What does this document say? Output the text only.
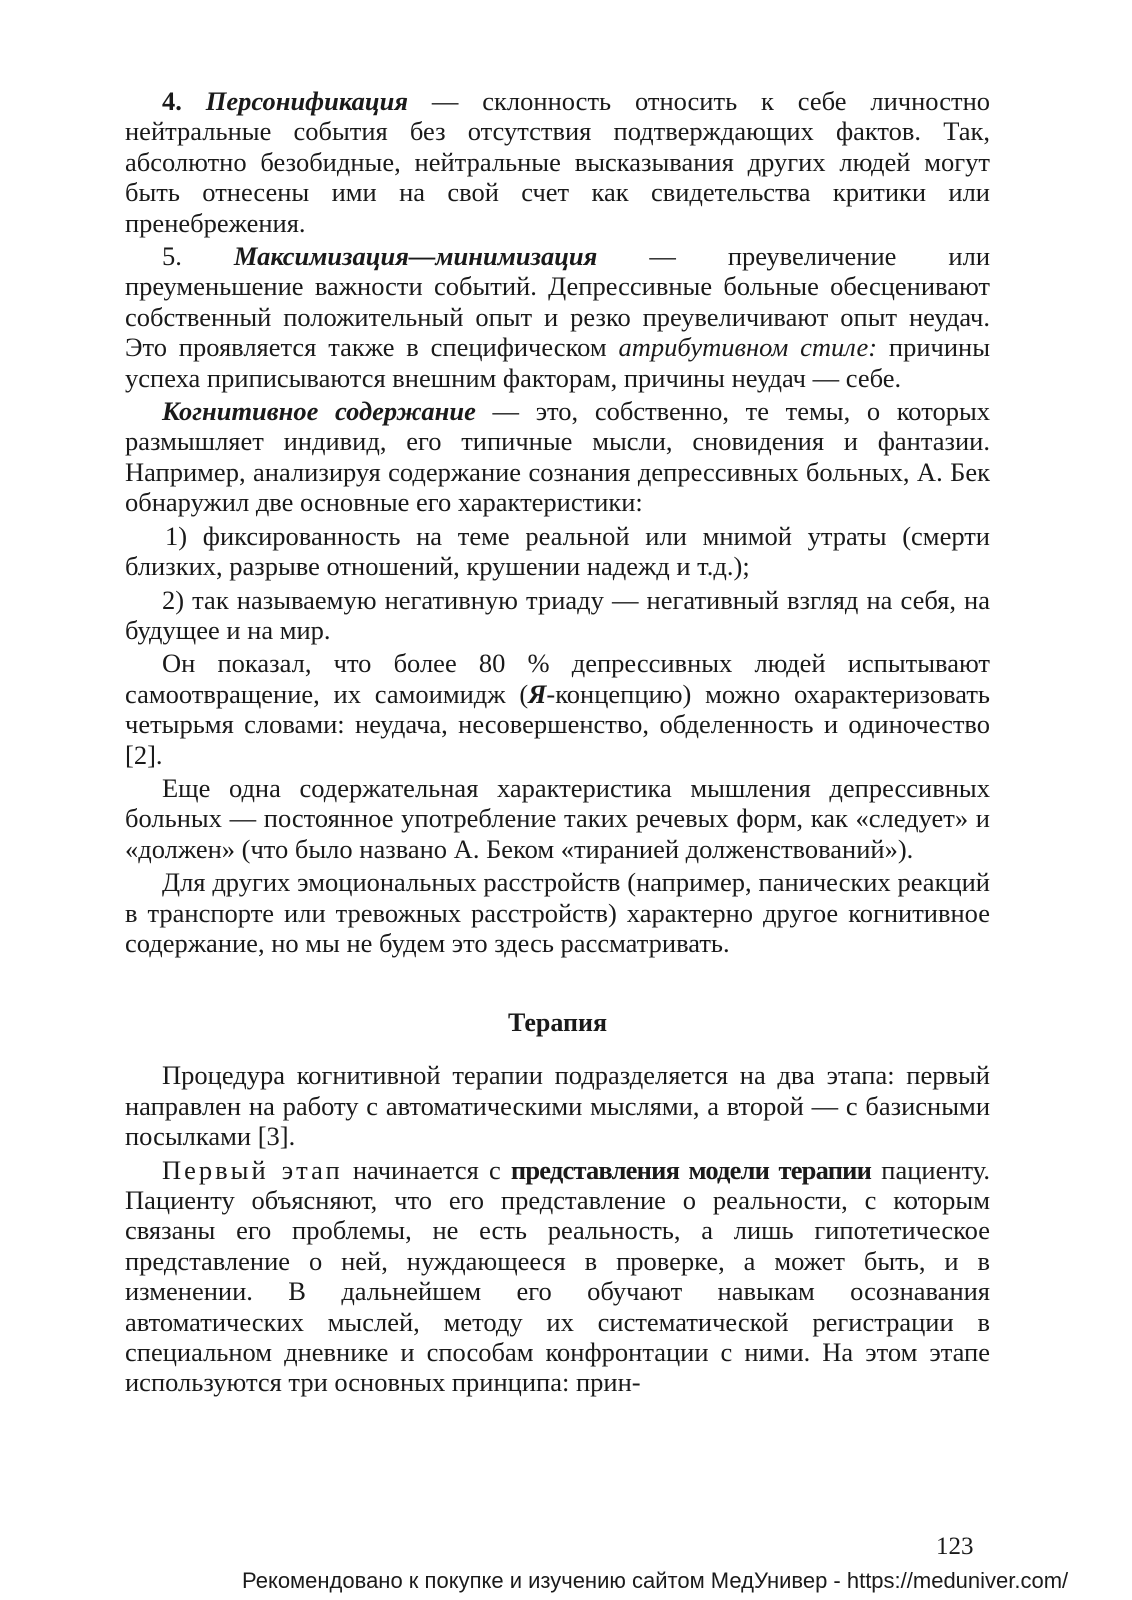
4. Персонификация — склонность относить к себе личностно нейтральные события без отсутствия подтверждающих фактов. Так, абсолютно безобидные, нейтральные высказывания других людей могут быть отнесены ими на свой счет как свидетельства критики или пренебрежения.

5. Максимизация—минимизация — преувеличение или преуменьшение важности событий. Депрессивные больные обесценивают собственный положительный опыт и резко преувеличивают опыт неудач. Это проявляется также в специфическом атрибутивном стиле: причины успеха приписываются внешним факторам, причины неудач — себе.

Когнитивное содержание — это, собственно, те темы, о которых размышляет индивид, его типичные мысли, сновидения и фантазии. Например, анализируя содержание сознания депрессивных больных, А. Бек обнаружил две основные его характеристики:

1) фиксированность на теме реальной или мнимой утраты (смерти близких, разрыве отношений, крушении надежд и т.д.);

2) так называемую негативную триаду — негативный взгляд на себя, на будущее и на мир.

Он показал, что более 80 % депрессивных людей испытывают самоотвращение, их самоимидж (Я-концепцию) можно охарактеризовать четырьмя словами: неудача, несовершенство, обделенность и одиночество [2].

Еще одна содержательная характеристика мышления депрессивных больных — постоянное употребление таких речевых форм, как «следует» и «должен» (что было названо А. Беком «тиранией долженствований»).

Для других эмоциональных расстройств (например, панических реакций в транспорте или тревожных расстройств) характерно другое когнитивное содержание, но мы не будем это здесь рассматривать.

Терапия

Процедура когнитивной терапии подразделяется на два этапа: первый направлен на работу с автоматическими мыслями, а второй — с базисными посылками [3].

Первый этап начинается с представления модели терапии пациенту. Пациенту объясняют, что его представление о реальности, с которым связаны его проблемы, не есть реальность, а лишь гипотетическое представление о ней, нуждающееся в проверке, а может быть, и в изменении. В дальнейшем его обучают навыкам осознавания автоматических мыслей, методу их систематической регистрации в специальном дневнике и способам конфронтации с ними. На этом этапе используются три основных принципа: прин-

123
Рекомендовано к покупке и изучению сайтом МедУнивер - https://meduniver.com/
